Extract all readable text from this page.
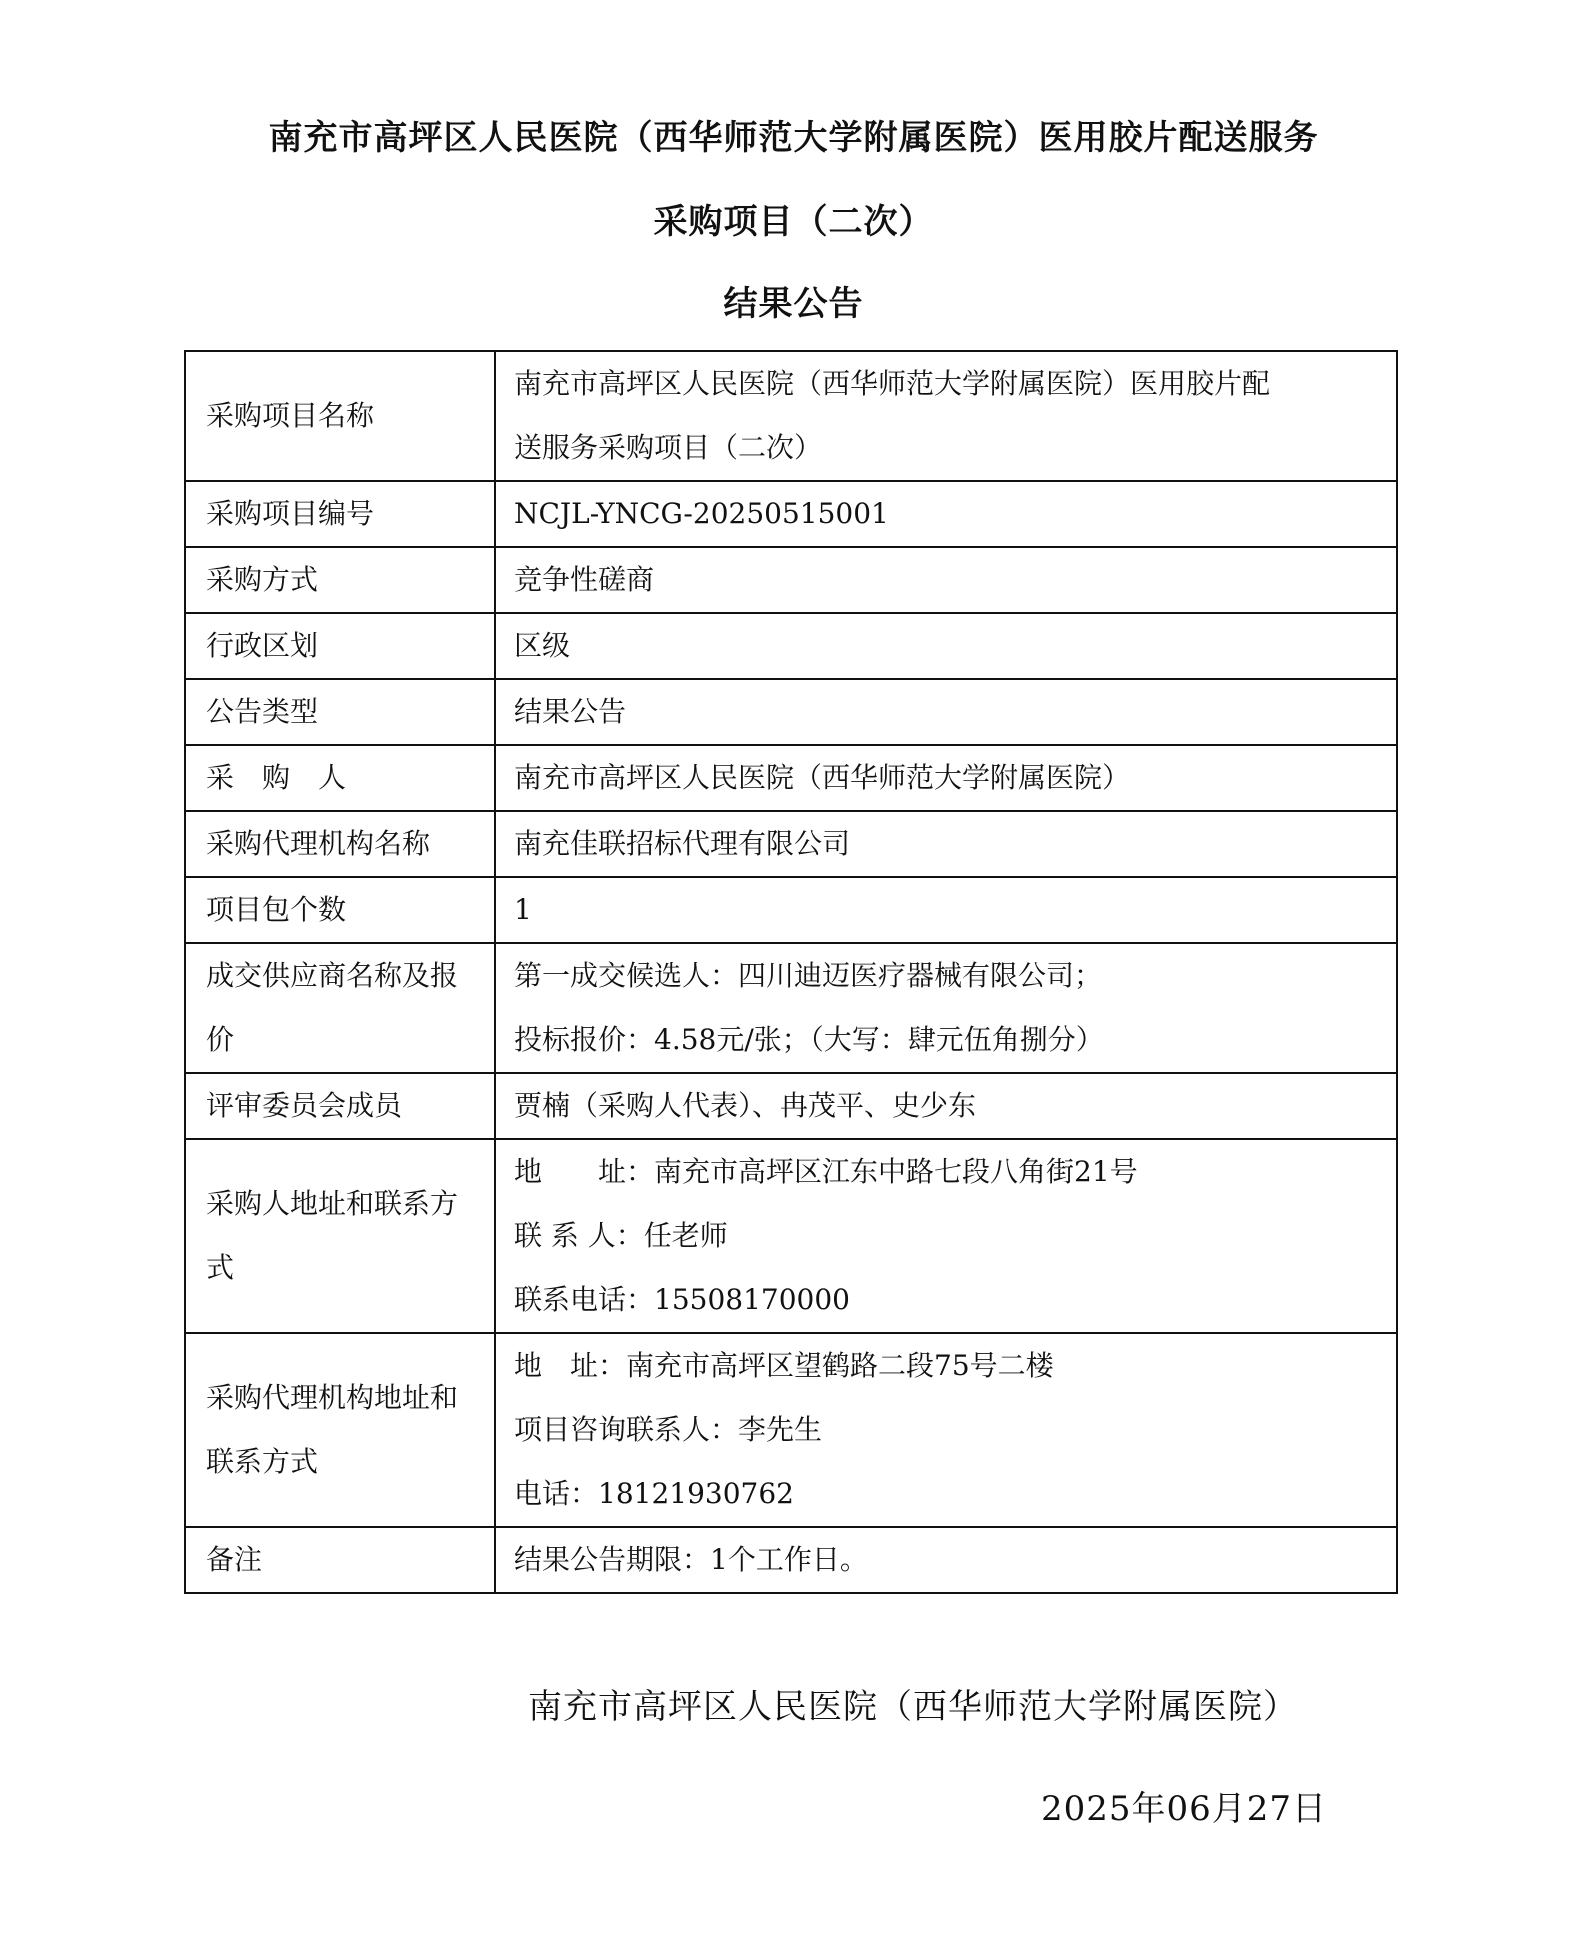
南充市高坪区人民医院（西华师范大学附属医院）医用胶片配送服务
采购项目（二次）
结果公告
采购项目名称	南充市高坪区人民医院（西华师范大学附属医院）医用胶片配
送服务采购项目（二次）

采购项目编号	NCJL-YNCG-20250515001

采购方式	竞争性磋商

行政区划	区级

公告类型	结果公告

采　购　人	南充市高坪区人民医院（西华师范大学附属医院）

采购代理机构名称	南充佳联招标代理有限公司

项目包个数	1

成交供应商名称及报价	第一成交候选人：四川迪迈医疗器械有限公司；
投标报价：4.58元/张；（大写：肆元伍角捌分）

评审委员会成员	贾楠（采购人代表）、冉茂平、史少东

采购人地址和联系方式	地　　址：南充市高坪区江东中路七段八角街21号
联 系 人：任老师
联系电话：15508170000

采购代理机构地址和联系方式	地　址：南充市高坪区望鹤路二段75号二楼
项目咨询联系人：李先生
电话：18121930762

备注	结果公告期限：1个工作日。
南充市高坪区人民医院（西华师范大学附属医院）
2025年06月27日
